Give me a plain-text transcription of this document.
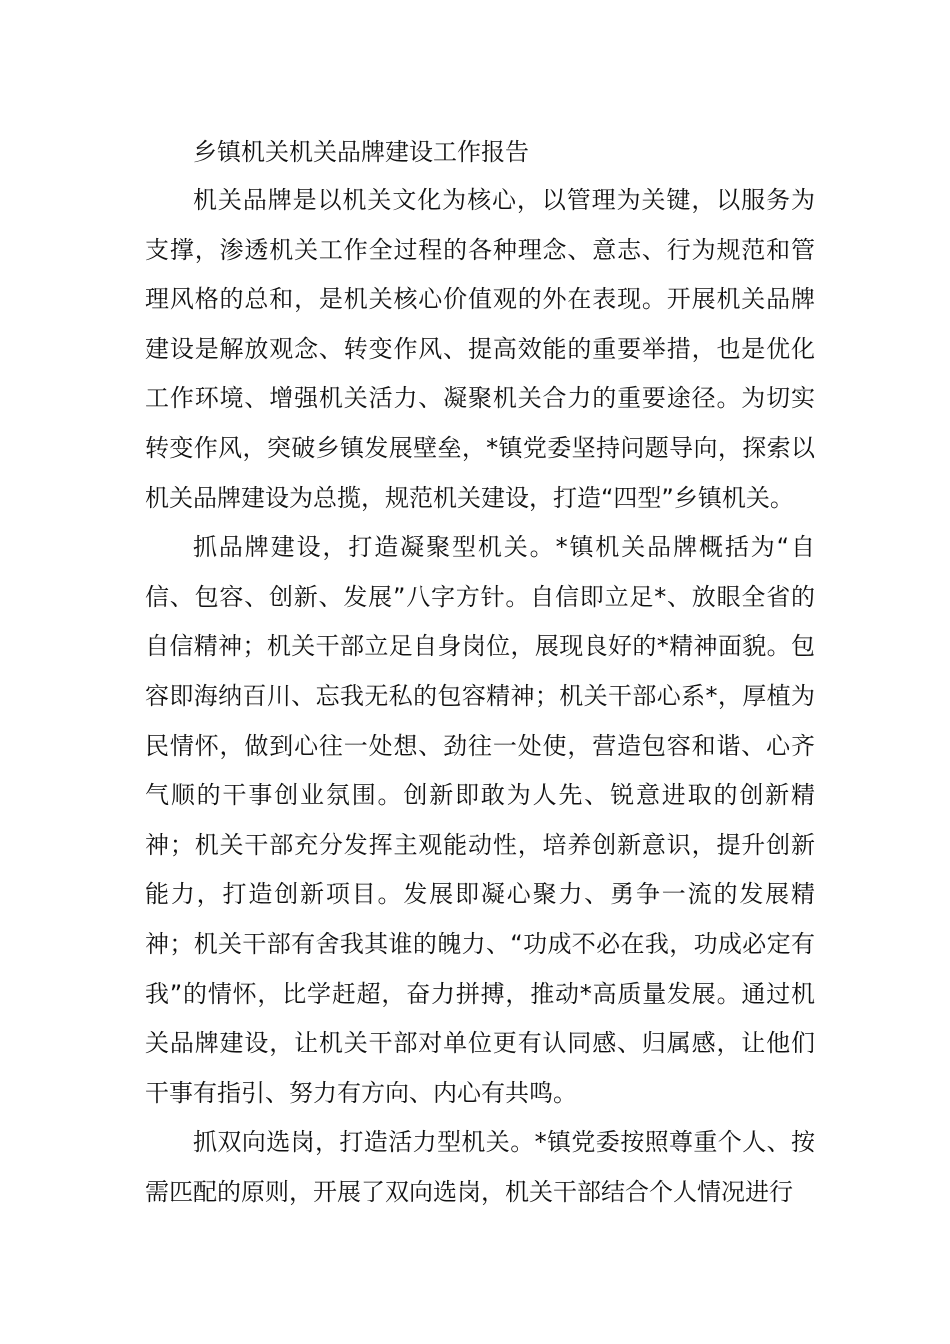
乡镇机关机关品牌建设工作报告

机关品牌是以机关文化为核心，以管理为关键，以服务为支撑，渗透机关工作全过程的各种理念、意志、行为规范和管理风格的总和，是机关核心价值观的外在表现。开展机关品牌建设是解放观念、转变作风、提高效能的重要举措，也是优化工作环境、增强机关活力、凝聚机关合力的重要途径。为切实转变作风，突破乡镇发展壁垒，*镇党委坚持问题导向，探索以机关品牌建设为总揽，规范机关建设，打造“四型”乡镇机关。

抓品牌建设，打造凝聚型机关。*镇机关品牌概括为“自信、包容、创新、发展”八字方针。自信即立足*、放眼全省的自信精神；机关干部立足自身岗位，展现良好的*精神面貌。包容即海纳百川、忘我无私的包容精神；机关干部心系*，厚植为民情怀，做到心往一处想、劲往一处使，营造包容和谐、心齐气顺的干事创业氛围。创新即敢为人先、锐意进取的创新精神；机关干部充分发挥主观能动性，培养创新意识，提升创新能力，打造创新项目。发展即凝心聚力、勇争一流的发展精神；机关干部有舍我其谁的魄力、“功成不必在我，功成必定有我”的情怀，比学赶超，奋力拼搏，推动*高质量发展。通过机关品牌建设，让机关干部对单位更有认同感、归属感，让他们干事有指引、努力有方向、内心有共鸣。

抓双向选岗，打造活力型机关。*镇党委按照尊重个人、按需匹配的原则，开展了双向选岗，机关干部结合个人情况进行
